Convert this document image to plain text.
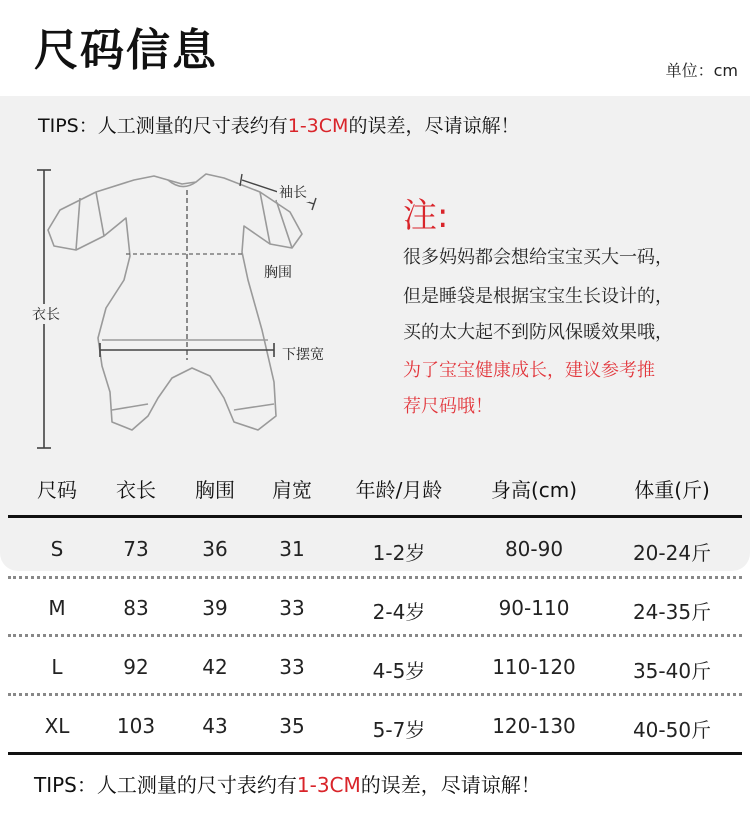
尺码信息	单位：cm
TIPS：人工测量的尺寸表约有1-3CM的误差，尽请谅解！
袖长
胸围
衣长
下摆宽
注:
很多妈妈都会想给宝宝买大一码，
但是睡袋是根据宝宝生长设计的，
买的太大起不到防风保暖效果哦，
为了宝宝健康成长，建议参考推
荐尺码哦！
尺码 衣长 胸围 肩宽 年龄/月龄 身高(cm)	体重(斤)
S	73	36	31	1-2岁	80-90	20-24斤
M	83	39	33	2-4岁	90-110	24-35斤
L	92	42	33	4-5岁	110-120	35-40斤
XL 103 43	35	5-7岁	120-130	40-50斤
TIPS：人工测量的尺寸表约有1-3CM的误差，尽请谅解！
